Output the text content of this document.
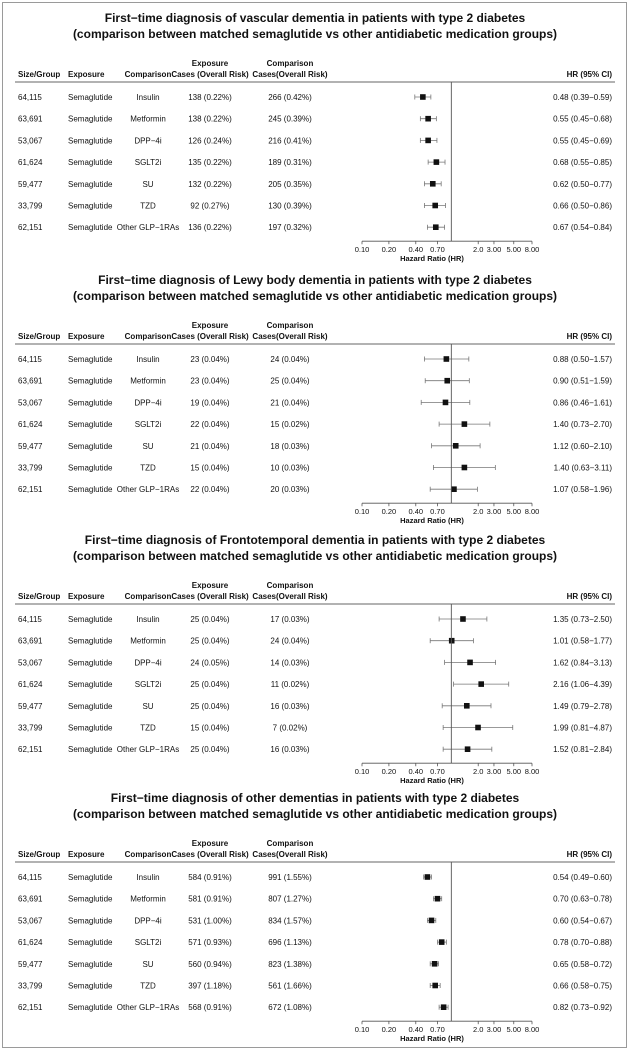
First−time diagnosis of vascular dementia in patients with type 2 diabetes
(comparison between matched semaglutide vs other antidiabetic medication groups)
Size/Group Exposure	Comparison
Exposure
Cases (Overall Risk)
Comparison
Cases(Overall Risk)	HR (95% CI)
64,115	Semaglutide	Insulin	138 (0.22%)	266 (0.42%)	0.48 (0.39−0.59)
63,691	Semaglutide Metformin	138 (0.22%)	245 (0.39%)	0.55 (0.45−0.68)
53,067	Semaglutide	DPP−4i	126 (0.24%)	216 (0.41%)	0.55 (0.45−0.69)
61,624	Semaglutide	SGLT2i	135 (0.22%)	189 (0.31%)	0.68 (0.55−0.85)
59,477	Semaglutide	SU	132 (0.22%)	205 (0.35%)	0.62 (0.50−0.77)
33,799	Semaglutide	TZD	92 (0.27%)	130 (0.39%)	0.66 (0.50−0.86)
62,151	Semaglutide Other GLP−1RAs 136 (0.22%)	197 (0.32%)	0.67 (0.54−0.84)
0.10 0.20 0.40 0.70	2.0 3.00 5.00 8.00
Hazard Ratio (HR)
First−time diagnosis of Lewy body dementia in patients with type 2 diabetes
(comparison between matched semaglutide vs other antidiabetic medication groups)
Size/Group Exposure	Comparison
Exposure
Cases (Overall Risk)
Comparison
Cases(Overall Risk)	HR (95% CI)
64,115	Semaglutide	Insulin	23 (0.04%)	24 (0.04%)	0.88 (0.50−1.57)
63,691	Semaglutide Metformin	23 (0.04%)	25 (0.04%)	0.90 (0.51−1.59)
53,067	Semaglutide	DPP−4i	19 (0.04%)	21 (0.04%)	0.86 (0.46−1.61)
61,624	Semaglutide	SGLT2i	22 (0.04%)	15 (0.02%)	1.40 (0.73−2.70)
59,477	Semaglutide	SU	21 (0.04%)	18 (0.03%)	1.12 (0.60−2.10)
33,799	Semaglutide	TZD	15 (0.04%)	10 (0.03%)	1.40 (0.63−3.11)
62,151	Semaglutide Other GLP−1RAs 22 (0.04%)	20 (0.03%)	1.07 (0.58−1.96)
0.10 0.20 0.40 0.70	2.0 3.00 5.00 8.00
Hazard Ratio (HR)
First−time diagnosis of Frontotemporal dementia in patients with type 2 diabetes
(comparison between matched semaglutide vs other antidiabetic medication groups)
Size/Group Exposure	Comparison
Exposure
Cases (Overall Risk)
Comparison
Cases(Overall Risk)	HR (95% CI)
64,115	Semaglutide	Insulin	25 (0.04%)	17 (0.03%)	1.35 (0.73−2.50)
63,691	Semaglutide Metformin	25 (0.04%)	24 (0.04%)	1.01 (0.58−1.77)
53,067	Semaglutide	DPP−4i	24 (0.05%)	14 (0.03%)	1.62 (0.84−3.13)
61,624	Semaglutide	SGLT2i	25 (0.04%)	11 (0.02%)	2.16 (1.06−4.39)
59,477	Semaglutide	SU	25 (0.04%)	16 (0.03%)	1.49 (0.79−2.78)
33,799	Semaglutide	TZD	15 (0.04%)	7 (0.02%)	1.99 (0.81−4.87)
62,151	Semaglutide Other GLP−1RAs 25 (0.04%)	16 (0.03%)	1.52 (0.81−2.84)
0.10 0.20 0.40 0.70	2.0 3.00 5.00 8.00
Hazard Ratio (HR)
First−time diagnosis of other dementias in patients with type 2 diabetes
(comparison between matched semaglutide vs other antidiabetic medication groups)
Size/Group Exposure	Comparison
Exposure
Cases (Overall Risk)
Comparison
Cases(Overall Risk)	HR (95% CI)
64,115	Semaglutide	Insulin	584 (0.91%)	991 (1.55%)	0.54 (0.49−0.60)
63,691	Semaglutide Metformin	581 (0.91%)	807 (1.27%)	0.70 (0.63−0.78)
53,067	Semaglutide	DPP−4i	531 (1.00%)	834 (1.57%)	0.60 (0.54−0.67)
61,624	Semaglutide	SGLT2i	571 (0.93%)	696 (1.13%)	0.78 (0.70−0.88)
59,477	Semaglutide	SU	560 (0.94%)	823 (1.38%)	0.65 (0.58−0.72)
33,799	Semaglutide	TZD	397 (1.18%)	561 (1.66%)	0.66 (0.58−0.75)
62,151	Semaglutide Other GLP−1RAs 568 (0.91%)	672 (1.08%)	0.82 (0.73−0.92)
0.10 0.20 0.40 0.70	2.0 3.00 5.00 8.00
Hazard Ratio (HR)
